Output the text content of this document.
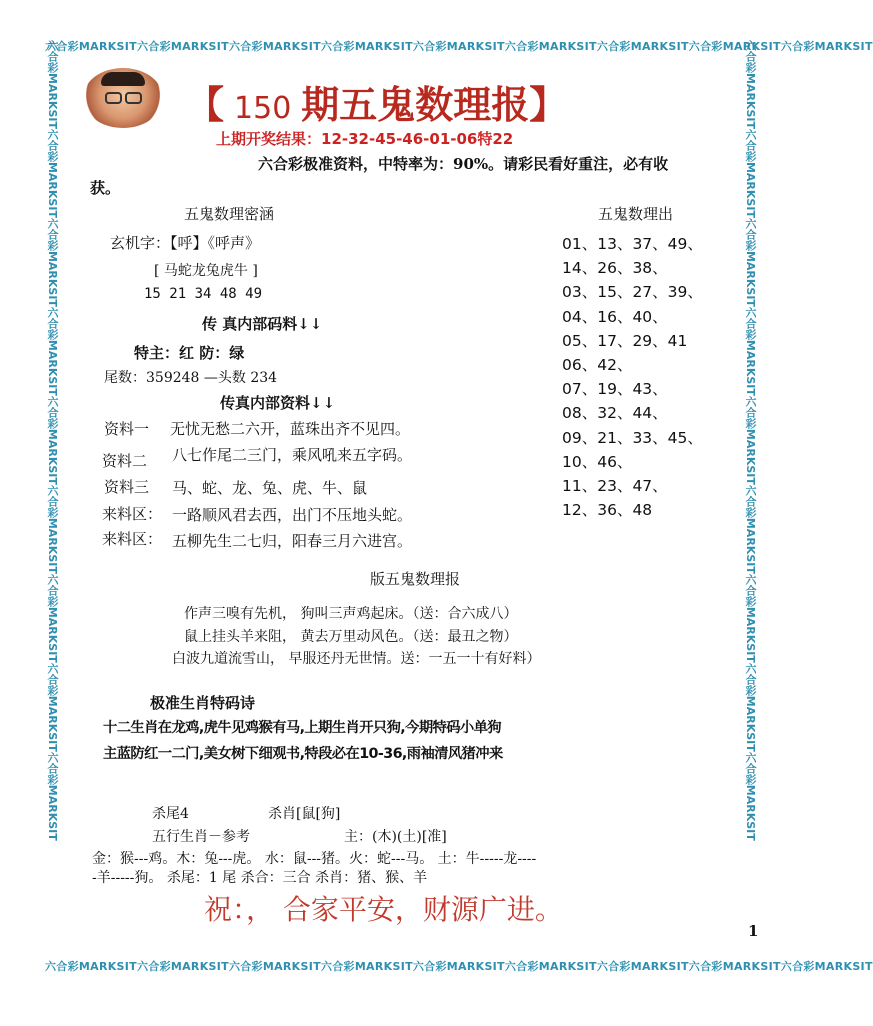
六合彩MARKSIT六合彩MARKSIT六合彩MARKSIT六合彩MARKSIT六合彩MARKSIT六合彩MARKSIT六合彩MARKSIT六合彩MARKSIT六合彩MARKSIT
六合彩MARKSIT六合彩MARKSIT六合彩MARKSIT六合彩MARKSIT六合彩MARKSIT六合彩MARKSIT六合彩MARKSIT六合彩MARKSIT六合彩MARKSIT
六合彩MARKSIT六合彩MARKSIT六合彩MARKSIT六合彩MARKSIT六合彩MARKSIT六合彩MARKSIT六合彩MARKSIT六合彩MARKSIT六合彩MARKSIT	六合彩MARKSIT六合彩MARKSIT六合彩MARKSIT六合彩MARKSIT六合彩MARKSIT六合彩MARKSIT六合彩MARKSIT六合彩MARKSIT六合彩MARKSIT
【 150 期五鬼数理报】
上期开奖结果：12-32-45-46-01-06特22
六合彩极准资料，中特率为：90%。请彩民看好重注，必有收
获。
五鬼数理密涵
玄机字：【呼】《呼声》
[ 马蛇龙兔虎牛 ]
15 21 34 48 49
传 真内部码料↓↓
特主：红 防：绿
尾数：359248 —头数 234
传真内部资料↓↓
资料一 无忧无愁二六开，蓝珠出齐不见四。
资料二 八七作尾二三门，乘风吼来五字码。
资料三 马、蛇、龙、兔、虎、牛、鼠
来料区： 一路顺风君去西，出门不压地头蛇。
来料区： 五柳先生二七归，阳春三月六进宫。
五鬼数理出
01、13、37、49、
14、26、38、
03、15、27、39、
04、16、40、
05、17、29、41
06、42、
07、19、43、
08、32、44、
09、21、33、45、
10、46、
11、23、47、
12、36、48
版五鬼数理报
作声三嗅有先机， 狗叫三声鸡起床。（送：合六成八）
鼠上挂头羊来阻， 黄去万里动风色。（送：最丑之物）
白波九道流雪山， 早服还丹无世情。送：一五一十有好料）
极准生肖特码诗
十二生肖在龙鸡,虎牛见鸡猴有马,上期生肖开只狗,今期特码小单狗
主蓝防红一二门,美女树下细观书,特段必在10-36,雨袖清风猪冲来
杀尾4	杀肖[鼠[狗]
五行生肖－参考	主：(木)(土)[准]
金：猴---鸡。木：兔---虎。 水：鼠---猪。火：蛇---马。 土：牛-----龙----
-羊-----狗。 杀尾：1 尾 杀合：三合 杀肖：猪、猴、羊
祝：， 合家平安，财源广进。
1
